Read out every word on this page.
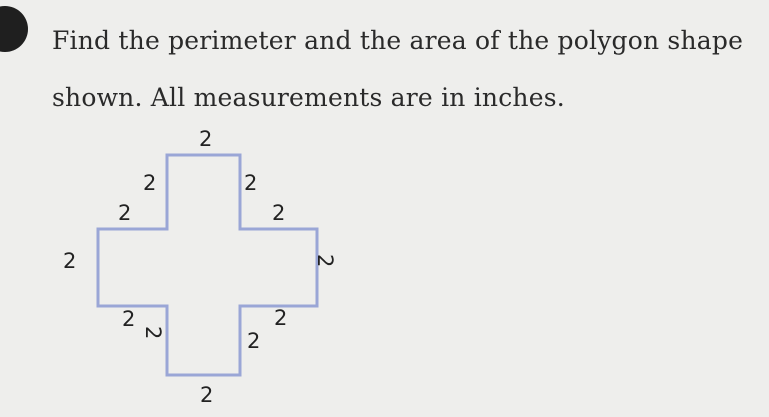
Find the perimeter and the area of the polygon shape shown. All measurements are in inches.

2
2
2
2
2
2	2
2
2	2
2
2
